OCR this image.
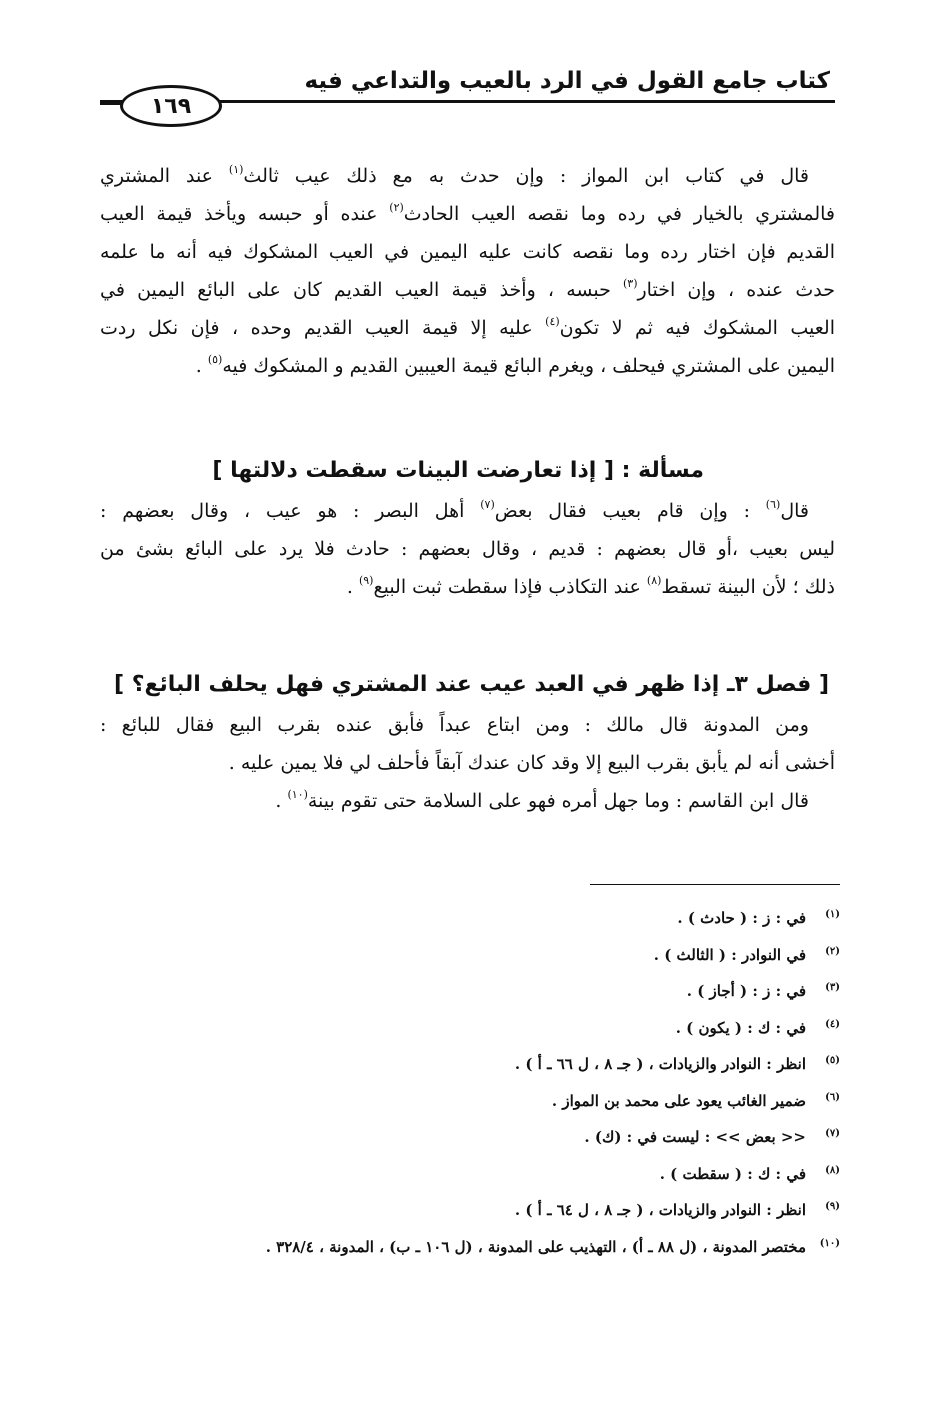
كتاب جامع القول في الرد بالعيب والتداعي فيه
١٦٩
قال في كتاب ابن المواز : وإن حدث به مع ذلك عيب ثالث$^{(١)}$ عند المشتري
فالمشتري بالخيار في رده وما نقصه العيب الحادث$^{(٢)}$ عنده أو حبسه ويأخذ قيمة العيب
القديم فإن اختار رده وما نقصه كانت عليه اليمين في العيب المشكوك فيه أنه ما علمه
حدث عنده ، وإن اختار$^{(٣)}$ حبسه ، وأخذ قيمة العيب القديم كان على البائع اليمين في
العيب المشكوك فيه ثم لا تكون$^{(٤)}$ عليه إلا قيمة العيب القديم وحده ، فإن نكل ردت
اليمين على المشتري فيحلف ، ويغرم البائع قيمة العيبين القديم و المشكوك فيه$^{(٥)}$ .
مسألة : [ إذا تعارضت البينات سقطت دلالتها ]
قال$^{(٦)}$ : وإن قام بعيب فقال بعض$^{(٧)}$ أهل البصر : هو عيب ، وقال بعضهم :
ليس بعيب ،أو قال بعضهم : قديم ، وقال بعضهم : حادث فلا يرد على البائع بشئ من
ذلك ؛ لأن البينة تسقط$^{(٨)}$ عند التكاذب فإذا سقطت ثبت البيع$^{(٩)}$ .
[ فصل ٣ـ إذا ظهر في العبد عيب عند المشتري فهل يحلف البائع؟ ]
ومن المدونة قال مالك : ومن ابتاع عبداً فأبق عنده بقرب البيع فقال للبائع :
أخشى أنه لم يأبق بقرب البيع إلا وقد كان عندك آبقاً فأحلف لي فلا يمين عليه .
قال ابن القاسم : وما جهل أمره فهو على السلامة حتى تقوم بينة$^{(١٠)}$ .
(١)
في : ز : ( حادث ) .
(٢)
في النوادر : ( الثالث ) .
(٣)
في : ز : ( أجاز ) .
(٤)
في : ك : ( يكون ) .
(٥)
انظر : النوادر والزيادات ، ( جـ ٨ ، ل ٦٦ ـ أ ) .
(٦)
ضمير الغائب يعود على محمد بن المواز .
(٧)
<< بعض >> : ليست في : (ك) .
(٨)
في : ك : ( سقطت ) .
(٩)
انظر : النوادر والزيادات ، ( جـ ٨ ، ل ٦٤ ـ أ ) .
(١٠)
مختصر المدونة ، (ل ٨٨ ـ أ) ، التهذيب على المدونة ، (ل ١٠٦ ـ ب) ، المدونة ، ٣٢٨/٤ .
